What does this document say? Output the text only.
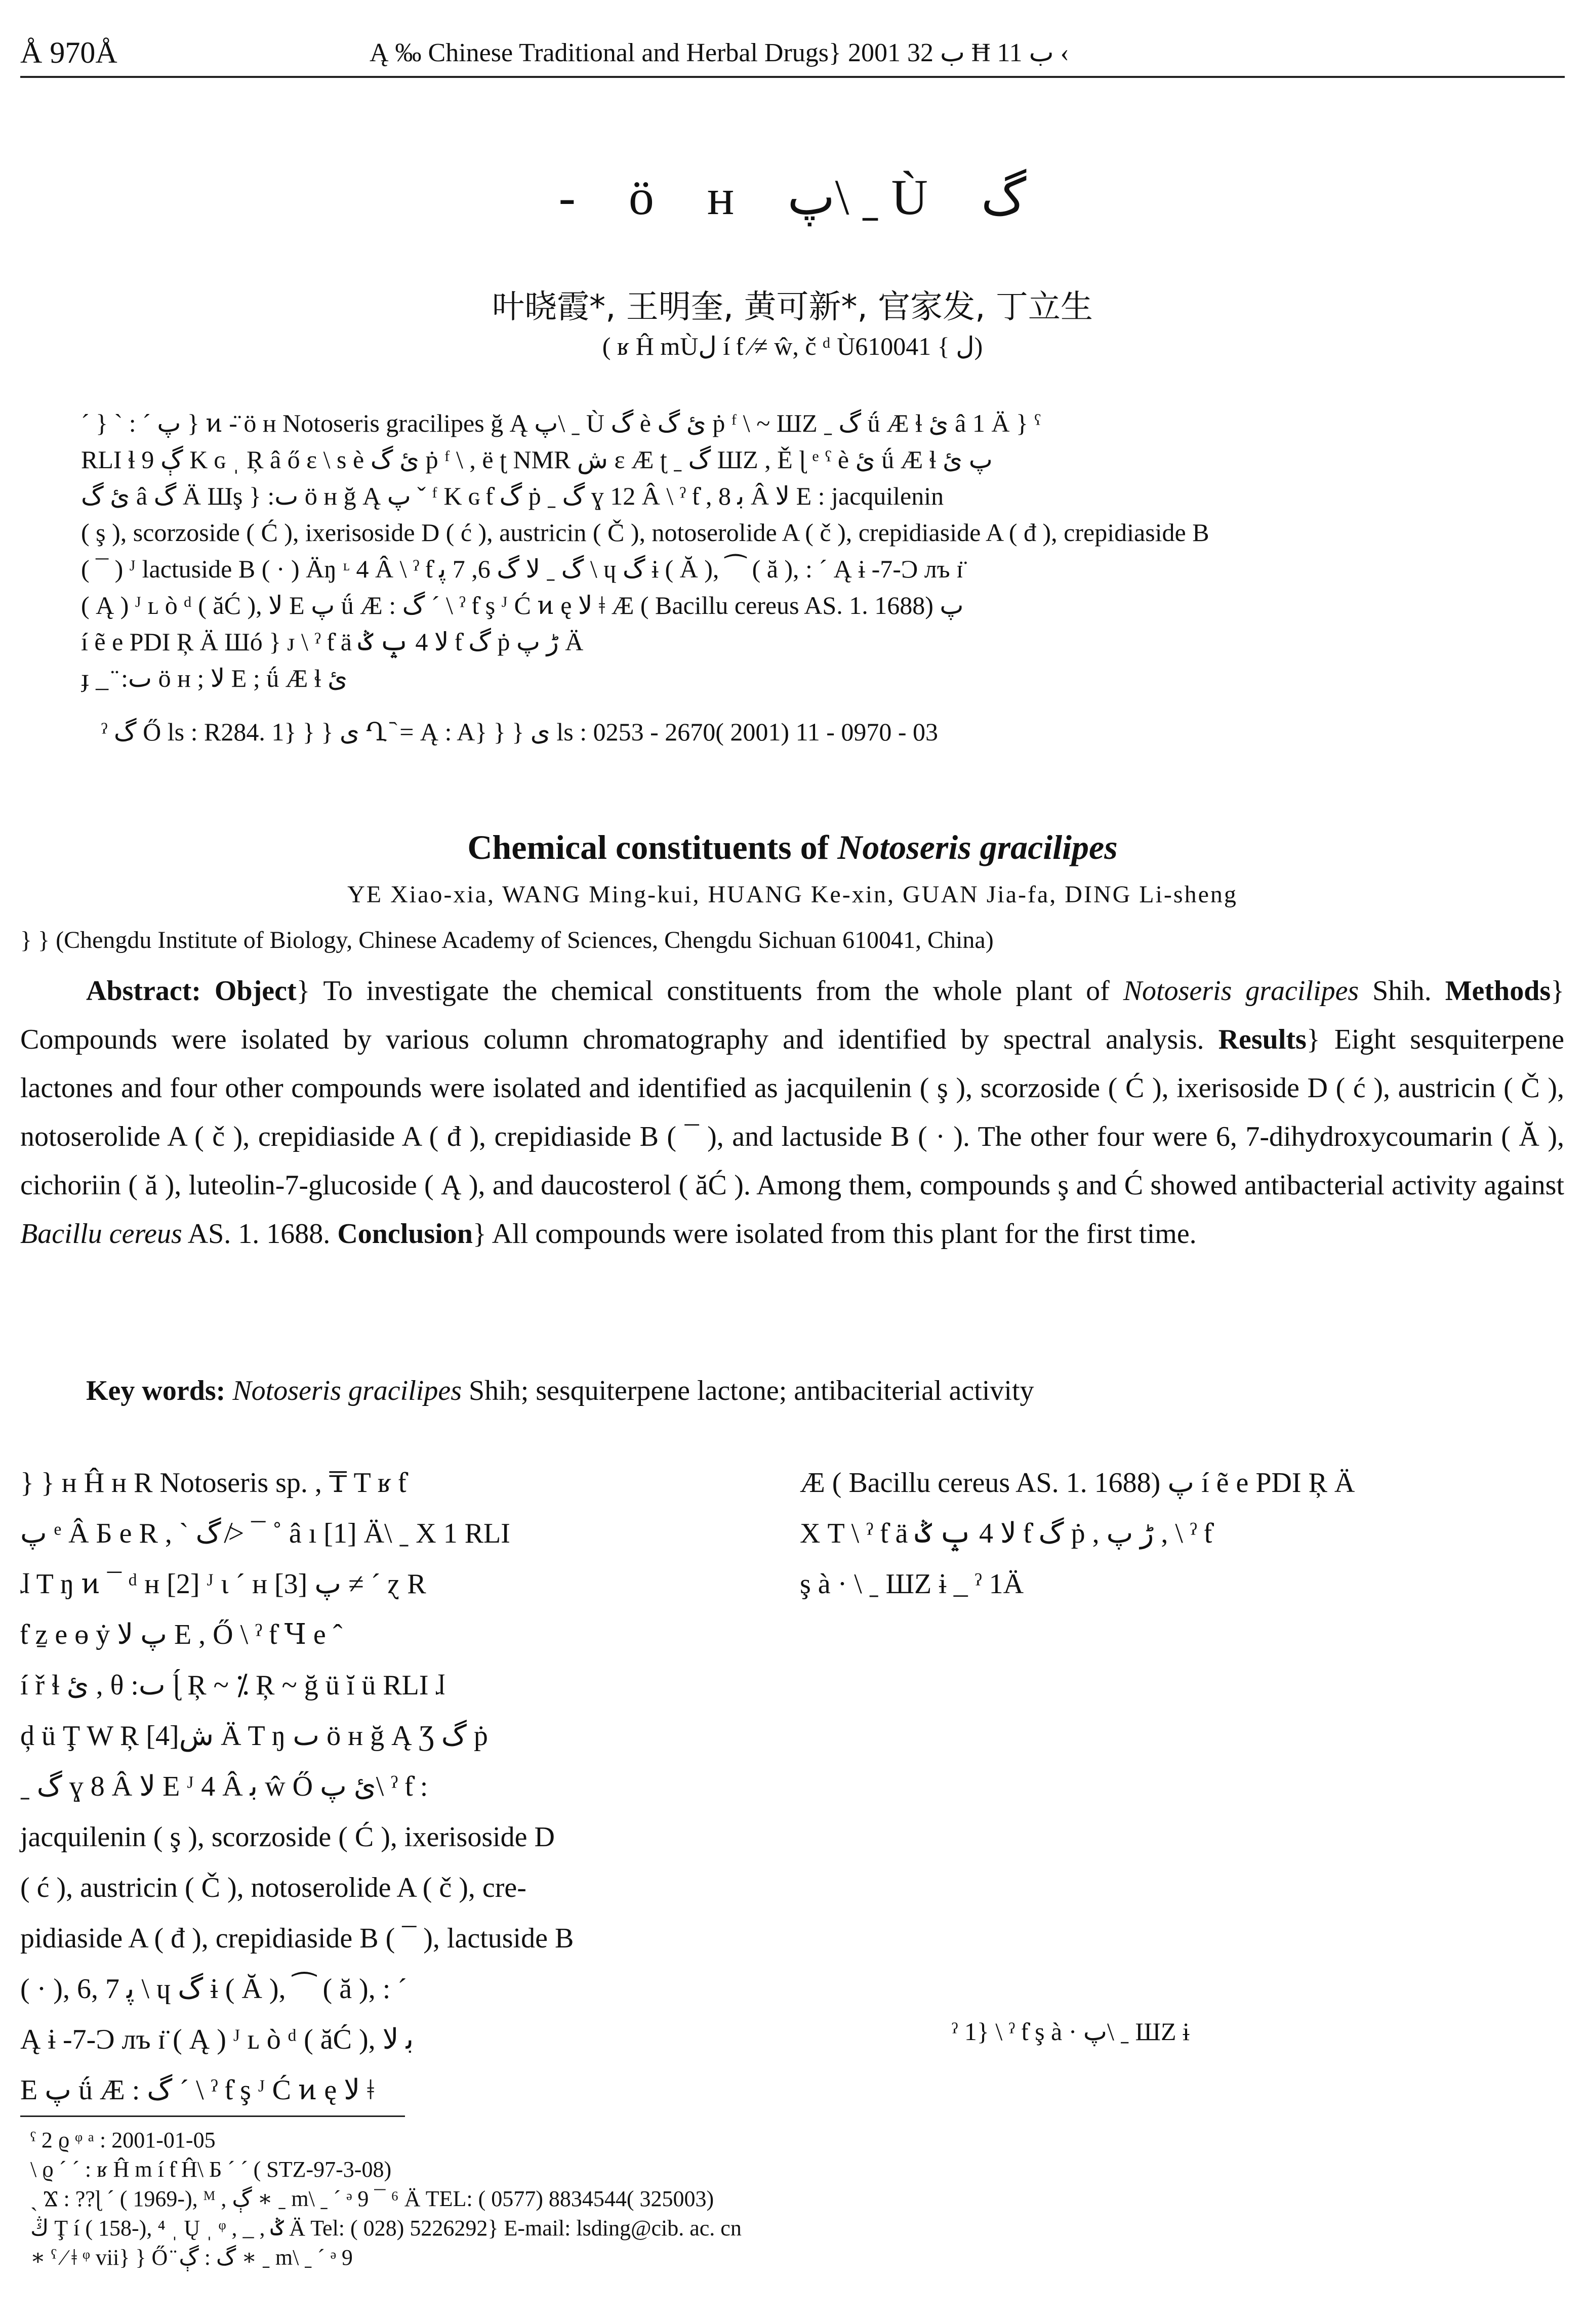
Å 970Å	Ą ‰ Chinese Traditional and Herbal Drugs} 2001 ب 32 Ħ ب 11 ‹
- ö ʜ پ\ ˍ Ù گ
叶晓霞*, 王明奎, 黄可新*, 官家发, 丁立生
( ʁ Ĥ mÙل í ƭ ∕≠ ŵ, č ᵈ Ùل } 610041)
ˊ } ˋ : ˊ پ } ͷ -̈ ö ʜ Notoseris gracilipes ğ Ą پ\ ˍ Ù گ è ئ گ ṗ ᶠ \ ~ ШZ ˍ گ ǘ Æ ɬ ئ â 1 Ä } ˁ
RLI ɬ 9 ڳ K ɢ ˌ Ŗ â ő ɛ \ s è ئ گ ṗ ᶠ \ , ë ʈ NMR ش ɛ Æ ʈ ˍ گ ШZ , Ě ɭ ᵉ ˁ è ئ ǘ Æ ɬ پ ئ
ئ گ â گ Ä Шş } :ٮ ö ʜ ğ Ą پ ˇ ᶠ K ɢ ƭ گ ṗ ˍ گ ɣ 12 Â \ ˀ ƭ , ﺑ 8 Â لا E : jacquilenin
( ş ), scorzoside ( Ć ), ixerisoside D ( ć ), austricin ( Č ), notoserolide A ( č ), crepidiaside A ( đ ), crepidiaside B
( ¯ ) ᴶ lactuside B ( · ) Äŋ ᶫ 4 Â \ ˀ ƭ گ ˍ لا گ 6, 7 ﭘ \ ɥ گ ɨ ( Ă ), ⁀ ( ă ), : ˊ Ą ɨ -7-Ɔ лъ ɪ̈
( Ą ) ᴶ ʟ ò ᵈ ( ăĆ ), لا E پ ǘ Æ : گ ˊ \ ˀ ƭ ş ᴶ Ć ͷ ę لا ǂ Æ ( Bacillu cereus AS. 1. 1688) پ
í ẽ e PDI Ŗ Ä Шó } ᴊ \ ˀ ƭ ä لا 4 ݒ ݣ ƭ گ ṗ ڑ پ Ä
ɟ _ ̈ :ٮ ö ʜ ; لا E ; ǘ Æ ɬ ئ
ˀ گ Ő ls : R284. 1} } } ى Ղ ᷆ = Ą : A} } } ى ls : 0253 - 2670( 2001) 11 - 0970 - 03
Chemical constituents of Notoseris gracilipes
YE Xiao-xia, WANG Ming-kui, HUANG Ke-xin, GUAN Jia-fa, DING Li-sheng
} } (Chengdu Institute of Biology, Chinese Academy of Sciences, Chengdu Sichuan 610041, China)
Abstract: Object} To investigate the chemical constituents from the whole plant of Notoseris gracilipes Shih. Methods} Compounds were isolated by various column chromatography and identified by spectral analysis. Results} Eight sesquiterpene lactones and four other compounds were isolated and identified as jacquilenin ( ş ), scorzoside ( Ć ), ixerisoside D ( ć ), austricin ( Č ), notoserolide A ( č ), crepidiaside A ( đ ), crepidiaside B ( ¯ ), and lactuside B ( · ). The other four were 6, 7-dihydroxycoumarin ( Ă ), cichoriin ( ă ), luteolin-7-glucoside ( Ą ), and daucosterol ( ăĆ ). Among them, compounds ş and Ć showed antibacterial activity against Bacillu cereus AS. 1. 1688. Conclusion} All compounds were isolated from this plant for the first time.
Key words: Notoseris gracilipes Shih; sesquiterpene lactone; antibaciterial activity
} } ʜ Ĥ ʜ R Notoseris sp. , ₸ T ʁ ƭ
پ ᵉ Â Б e R , ˋ گ ≯ ¯ ˚ â ı [1] Ä\ ˍ X 1 RLI
ɺ T ŋ ͷ ¯ ᵈ ʜ [2] ᴶ ɩ ˊ ʜ [3] پ ≠ ˊ ɀ R
ƭ ẕ e ɵ ẏ پ لا E , Ő \ ˀ ƭ Ɥ e ˆ
í ř ɬ ئ , θ :ٮ ɭ́ Ŗ ~ ⁒ Ŗ ~ ğ ü ĭ ü RLI ɺ
ḑ ü Ţ W Ŗ ش[4] Ä T ŋ ٮ ö ʜ ğ Ą Ʒ گ ṗ
ˍ گ ɣ 8 Â لا E ᴶ 4 Â ﺑ ŵ Ő ئ پ\ ˀ ƭ :
jacquilenin ( ş ), scorzoside ( Ć ), ixerisoside D
( ć ), austricin ( Č ), notoserolide A ( č ), cre-
pidiaside A ( đ ), crepidiaside B ( ¯ ), lactuside B
( · ), 6, 7 ﭘ \ ɥ گ ɨ ( Ă ), ⁀ ( ă ), : ˊ
Ą ɨ -7-Ɔ лъ ɪ̈ ( Ą ) ᴶ ʟ ò ᵈ ( ăĆ ), ﺑ لا
E پ ǘ Æ : گ ˊ \ ˀ ƭ ş ᴶ Ć ͷ ę لا ǂ
Æ ( Bacillu cereus AS. 1. 1688) پ í ẽ e PDI Ŗ Ä
Χ T \ ˀ ƭ ä لا 4 ݒ ݣ ƭ گ ṗ , ڑ پ , \ ˀ ƭ
ş à · \ ˍ ШZ ɨ _ ˀ 1Ä
ˀ 1} \ ˀ ƭ ş à · پ\ ˍ ШZ ɨ
ˁ 2 ϱ ᵠ ᵃ : 2001-01-05
\ ϱ ˊ ˊ : ʁ Ĥ m í ƭ Ĥ\ Б ˊ ˊ ( STZ-97-3-08)
ˏ Ϫ : ??ɭ ˊ ( 1969-), ᴹ , ڳ ∗ ˍ m\ ˍ ˊ ᵊ 9 ¯ ⁶ Ä TEL: ( 0577) 8834544( 325003)
ڭ Ţ í ( 158-), ⁴ ˌ Ų ˌ ᵠ , _ , ݣ Ä Tel: ( 028) 5226292} E-mail: lsding@cib. ac. cn
∗ ˁ ∕ ǂ ᵠ vii} } Ő ̈ گ : ڳ ∗ ˍ m\ ˍ ˊ ᵊ 9
